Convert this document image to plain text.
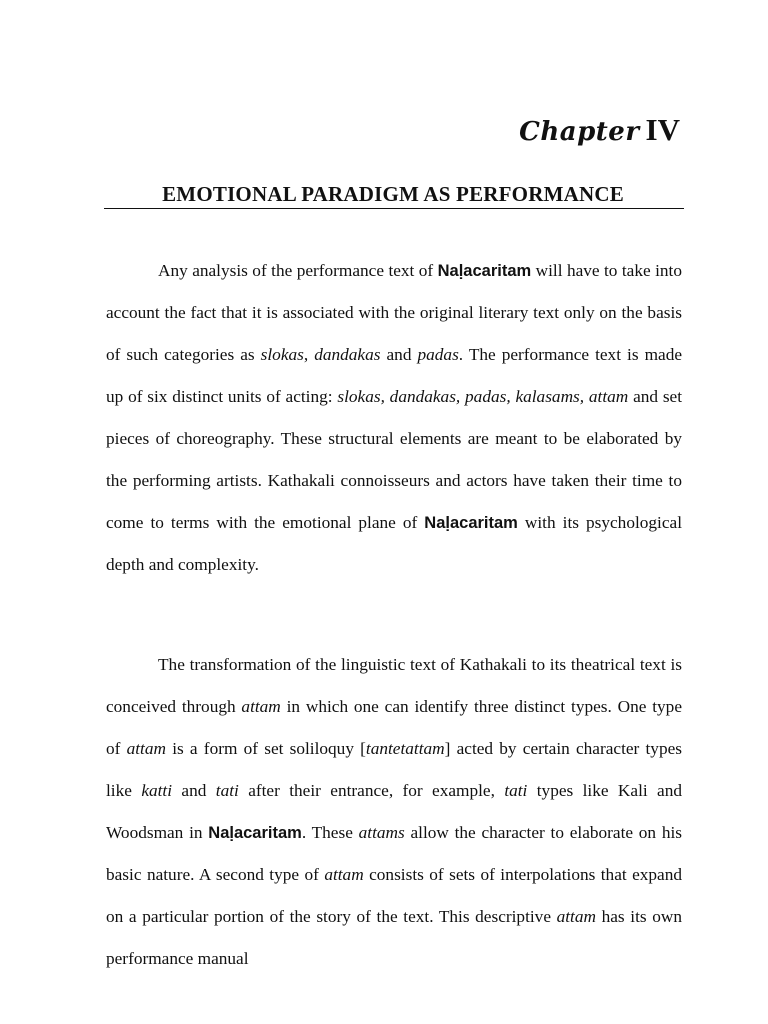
Chapter IV
EMOTIONAL PARADIGM AS PERFORMANCE

Any analysis of the performance text of Naḷacaritam will have to take into account the fact that it is associated with the original literary text only on the basis of such categories as slokas, dandakas and padas. The performance text is made up of six distinct units of acting: slokas, dandakas, padas, kalasams, attam and set pieces of choreography. These structural elements are meant to be elaborated by the performing artists. Kathakali connoisseurs and actors have taken their time to come to terms with the emotional plane of Naḷacaritam with its psychological depth and complexity.

The transformation of the linguistic text of Kathakali to its theatrical text is conceived through attam in which one can identify three distinct types. One type of attam is a form of set soliloquy [tantetattam] acted by certain character types like katti and tati after their entrance, for example, tati types like Kali and Woodsman in Naḷacaritam. These attams allow the character to elaborate on his basic nature. A second type of attam consists of sets of interpolations that expand on a particular portion of the story of the text. This descriptive attam has its own performance manual
